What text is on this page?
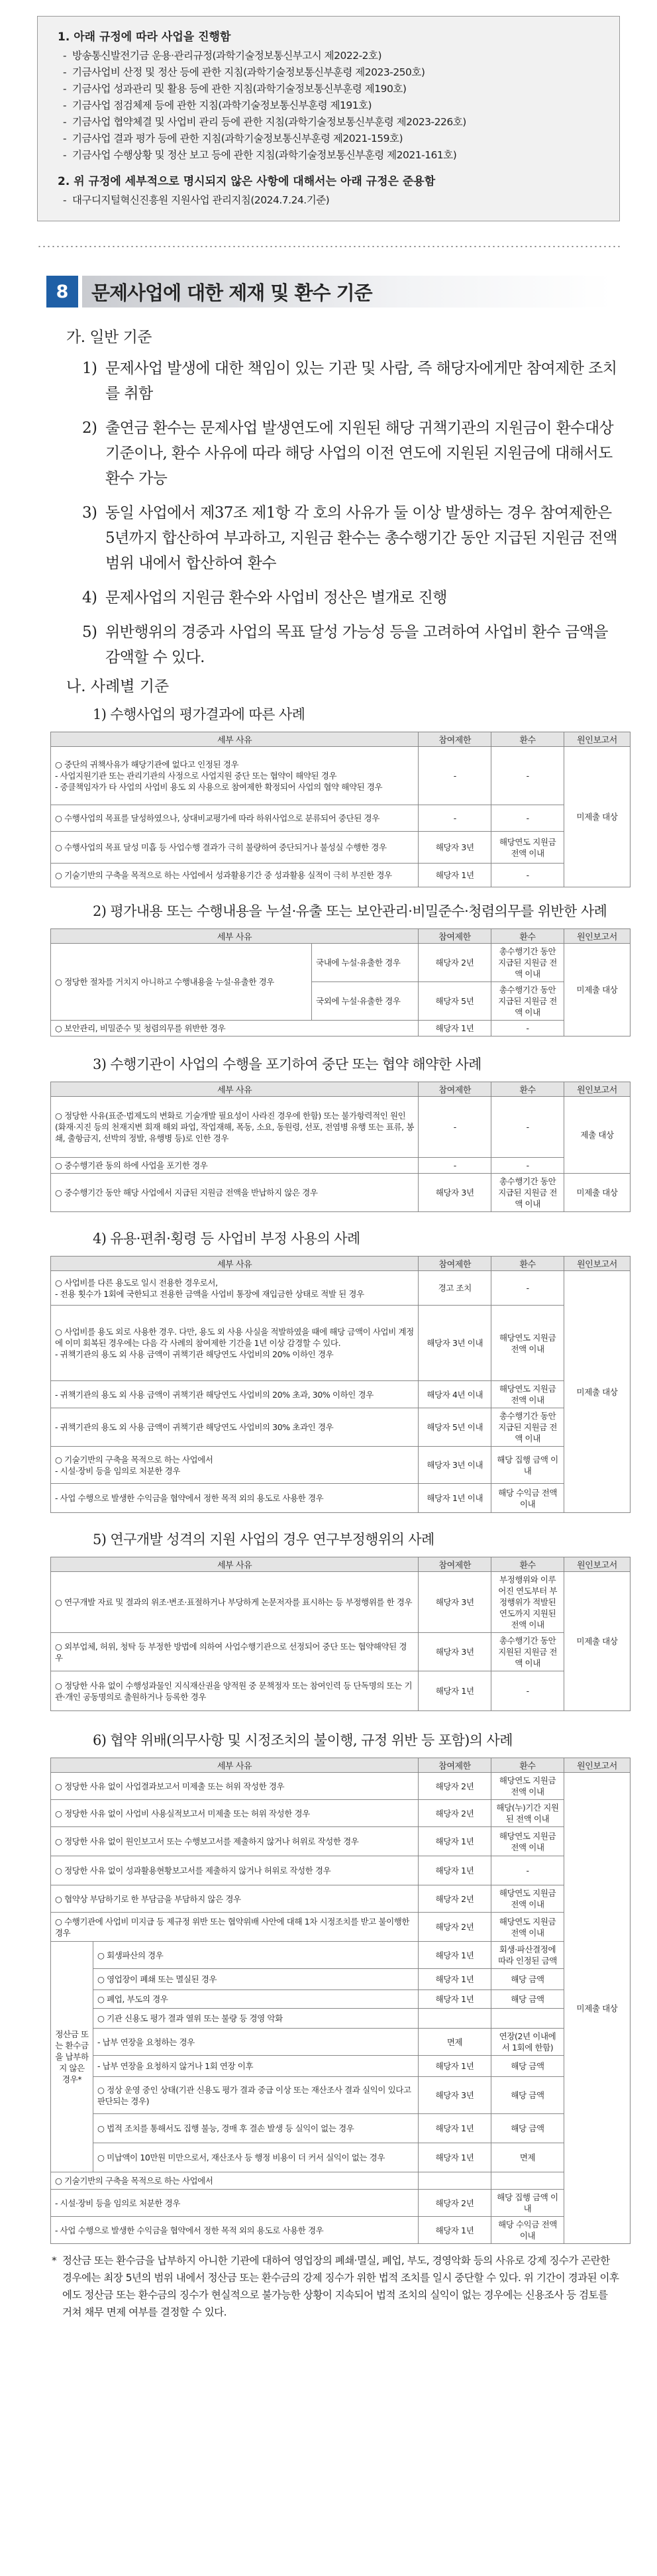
1. 아래 규정에 따라 사업을 진행함
- 방송통신발전기금 운용·관리규정(과학기술정보통신부고시 제2022-2호)
- 기금사업비 산정 및 정산 등에 관한 지침(과학기술정보통신부훈령 제2023-250호)
- 기금사업 성과관리 및 활용 등에 관한 지침(과학기술정보통신부훈령 제190호)
- 기금사업 점검체제 등에 관한 지침(과학기술정보통신부훈령 제191호)
- 기금사업 협약체결 및 사업비 관리 등에 관한 지침(과학기술정보통신부훈령 제2023-226호)
- 기금사업 결과 평가 등에 관한 지침(과학기술정보통신부훈령 제2021-159호)
- 기금사업 수행상황 및 정산 보고 등에 관한 지침(과학기술정보통신부훈령 제2021-161호)
2. 위 규정에 세부적으로 명시되지 않은 사항에 대해서는 아래 규정은 준용함
- 대구디지털혁신진흥원 지원사업 관리지침(2024.7.24.기준)
8	문제사업에 대한 제재 및 환수 기준
가. 일반 기준
1) 문제사업 발생에 대한 책임이 있는 기관 및 사람, 즉 해당자에게만 참여제한 조치를 취함
2) 출연금 환수는 문제사업 발생연도에 지원된 해당 귀책기관의 지원금이 환수대상 기준이나, 환수 사유에 따라 해당 사업의 이전 연도에 지원된 지원금에 대해서도 환수 가능
3) 동일 사업에서 제37조 제1항 각 호의 사유가 둘 이상 발생하는 경우 참여제한은 5년까지 합산하여 부과하고, 지원금 환수는 총수행기간 동안 지급된 지원금 전액 범위 내에서 합산하여 환수
4) 문제사업의 지원금 환수와 사업비 정산은 별개로 진행
5) 위반행위의 경중과 사업의 목표 달성 가능성 등을 고려하여 사업비 환수 금액을 감액할 수 있다.
나. 사례별 기준
1) 수행사업의 평가결과에 따른 사례
세부 사유	참여제한	환수	원인보고서
○ 중단의 귀책사유가 해당기관에 없다고 인정된 경우
- 사업지원기관 또는 관리기관의 사정으로 사업지원 중단 또는 협약이 해약된 경우
- 중클책임자가 타 사업의 사업비 용도 외 사용으로 참여제한 확정되어 사업의 협약 해약된 경우	-	-	미제출 대상
○ 수행사업의 목표를 달성하였으나, 상대비교평가에 따라 하위사업으로 분류되어 중단된 경우	-	-	
○ 수행사업의 목표 달성 미흡 등 사업수행 결과가 극히 불량하여 중단되거나 불성실 수행한 경우	해당자 3년	해당연도 지원금 전액 이내	
○ 기술기반의 구축을 목적으로 하는 사업에서 성과활용기간 중 성과활용 실적이 극히 부진한 경우	해당자 1년	-	
2) 평가내용 또는 수행내용을 누설·유출 또는 보안관리·비밀준수·청렴의무를 위반한 사례
세부 사유		참여제한	환수	원인보고서
○ 정당한 절차를 거치지 아니하고 수행내용을 누설·유출한 경우	국내에 누설·유출한 경우	해당자 2년	총수행기간 동안 지급된 지원금 전액 이내	미제출 대상
	국외에 누설·유출한 경우	해당자 5년	총수행기간 동안 지급된 지원금 전액 이내	
○ 보안관리, 비밀준수 및 청렴의무를 위반한 경우		해당자 1년	-	
3) 수행기관이 사업의 수행을 포기하여 중단 또는 협약 해약한 사례
세부 사유	참여제한	환수	원인보고서
○ 정당한 사유(표준·법제도의 변화로 기술개발 필요성이 사라진 경우에 한함) 또는 불가항력적인 원인(화재·지진 등의 천재지변 회재 해외 파업, 작업재해, 폭동, 소요, 동원령, 선포, 전염병 유행 또는 표류, 봉쇄, 출항금지, 선박의 정발, 유행병 등)로 인한 경우	-	-	제출 대상
○ 중수행기관 동의 하에 사업을 포기한 경우	-	-	
○ 중수행기간 동안 해당 사업에서 지급된 지원금 전액을 반납하지 않은 경우	해당자 3년	총수행기간 동안 지급된 지원금 전액 이내	미제출 대상
4) 유용·편취·횡령 등 사업비 부정 사용의 사례
세부 사유	참여제한	환수	원인보고서
○ 사업비를 다른 용도로 일시 전용한 경우로서,
- 전용 횟수가 1회에 국한되고 전용한 금액을 사업비 통장에 재입금한 상태로 적발 된 경우	경고 조치	-	미제출 대상
○ 사업비를 용도 외로 사용한 경우. 다만, 용도 외 사용 사실을 적발하였을 때에 해당 금액이 사업비 계정에 이미 회복된 경우에는 다음 각 사례의 참여제한 기간을 1년 이상 감경할 수 있다.
- 귀책기관의 용도 외 사용 금액이 귀책기관 해당연도 사업비의 20% 이하인 경우	해당자 3년 이내	해당연도 지원금 전액 이내	
- 귀책기관의 용도 외 사용 금액이 귀책기관 해당연도 사업비의 20% 초과, 30% 이하인 경우	해당자 4년 이내	해당연도 지원금 전액 이내	
- 귀책기관의 용도 외 사용 금액이 귀책기관 해당연도 사업비의 30% 초과인 경우	해당자 5년 이내	총수행기간 동안 지급된 지원금 전액 이내	
○ 기술기반의 구축을 목적으로 하는 사업에서
- 시설·장비 등을 임의로 처분한 경우	해당자 3년 이내	해당 집행 금액 이내	
- 사업 수행으로 발생한 수익금을 협약에서 정한 목적 외의 용도로 사용한 경우	해당자 1년 이내	해당 수익금 전액 이내	
5) 연구개발 성격의 지원 사업의 경우 연구부정행위의 사례
세부 사유	참여제한	환수	원인보고서
○ 연구개발 자료 및 결과의 위조·변조·표절하거나 부당하게 논문저자를 표시하는 등 부정행위를 한 경우	해당자 3년	부정행위와 이루어진 연도부터 부정행위가 적발된 연도까지 지원된 전액 이내	미제출 대상
○ 외부업체, 허위, 청탁 등 부정한 방법에 의하여 사업수행기관으로 선정되어 중단 또는 협약해약된 경우	해당자 3년	총수행기간 동안 지원된 지원금 전액 이내	
○ 정당한 사유 없이 수행성과물인 지식재산권을 양적원 중 문책정자 또는 참여인력 등 단독명의 또는 기관·개인 공동명의로 출원하거나 등록한 경우	해당자 1년	-	
6) 협약 위배(의무사항 및 시정조치의 불이행, 규정 위반 등 포함)의 사례
세부 사유		참여제한	환수	원인보고서
○ 정당한 사유 없이 사업결과보고서 미제출 또는 허위 작성한 경우		해당자 2년	해당연도 지원금 전액 이내	미제출 대상
○ 정당한 사유 없이 사업비 사용실적보고서 미제출 또는 허위 작성한 경우		해당자 2년	해당(누)기간 지원된 전액 이내	
○ 정당한 사유 없이 원인보고서 또는 수행보고서를 제출하지 않거나 허위로 작성한 경우		해당자 1년	해당연도 지원금 전액 이내	
○ 정당한 사유 없이 성과활용현황보고서를 제출하지 않거나 허위로 작성한 경우		해당자 1년	-	
○ 협약상 부담하기로 한 부담금을 부담하지 않은 경우		해당자 2년	해당연도 지원금 전액 이내	
○ 수행기관에 사업비 미지급 등 제규정 위반 또는 협약위배 사안에 대해 1차 시정조치를 받고 불이행한 경우		해당자 2년	해당연도 지원금 전액 이내	
정산금 또는 환수금을 납부하지 않은 경우*	○ 회생파산의 경우	해당자 1년	회생·파산결정에 따라 인정된 금액	
	○ 영업장이 폐쇄 또는 멸실된 경우	해당자 1년	해당 금액	
	○ 폐업, 부도의 경우	해당자 1년	해당 금액	
	○ 기관 신용도 평가 결과 열위 또는 불량 등 경영 악화			
	- 납부 연장을 요청하는 경우	면제	연장(2년 이내에서 1회에 한함)	
	- 납부 연장을 요청하지 않거나 1회 연장 이후	해당자 1년	해당 금액	
	○ 정상 운영 중인 상태(기관 신용도 평가 결과 중급 이상 또는 재산조사 결과 실익이 있다고 판단되는 경우)	해당자 3년	해당 금액	
	○ 법적 조치를 통해서도 집행 불능, 경매 후 결손 발생 등 실익이 없는 경우	해당자 1년	해당 금액	
	○ 미납액이 10만원 미만으로서, 재산조사 등 행정 비용이 더 커서 실익이 없는 경우	해당자 1년	면제	
○ 기술기반의 구축을 목적으로 하는 사업에서				
- 시설·장비 등을 임의로 처분한 경우		해당자 2년	해당 집행 금액 이내	
- 사업 수행으로 발생한 수익금을 협약에서 정한 목적 외의 용도로 사용한 경우		해당자 1년	해당 수익금 전액 이내	
* 정산금 또는 환수금을 납부하지 아니한 기관에 대하여 영업장의 폐쇄·멸실, 폐업, 부도, 경영악화 등의 사유로 강제 징수가 곤란한 경우에는 최장 5년의 범위 내에서 정산금 또는 환수금의 강제 징수가 위한 법적 조치를 일시 중단할 수 있다. 위 기간이 경과된 이후에도 정산금 또는 환수금의 징수가 현실적으로 불가능한 상황이 지속되어 법적 조치의 실익이 없는 경우에는 신용조사 등 검토를 거쳐 채무 면제 여부를 결정할 수 있다.
